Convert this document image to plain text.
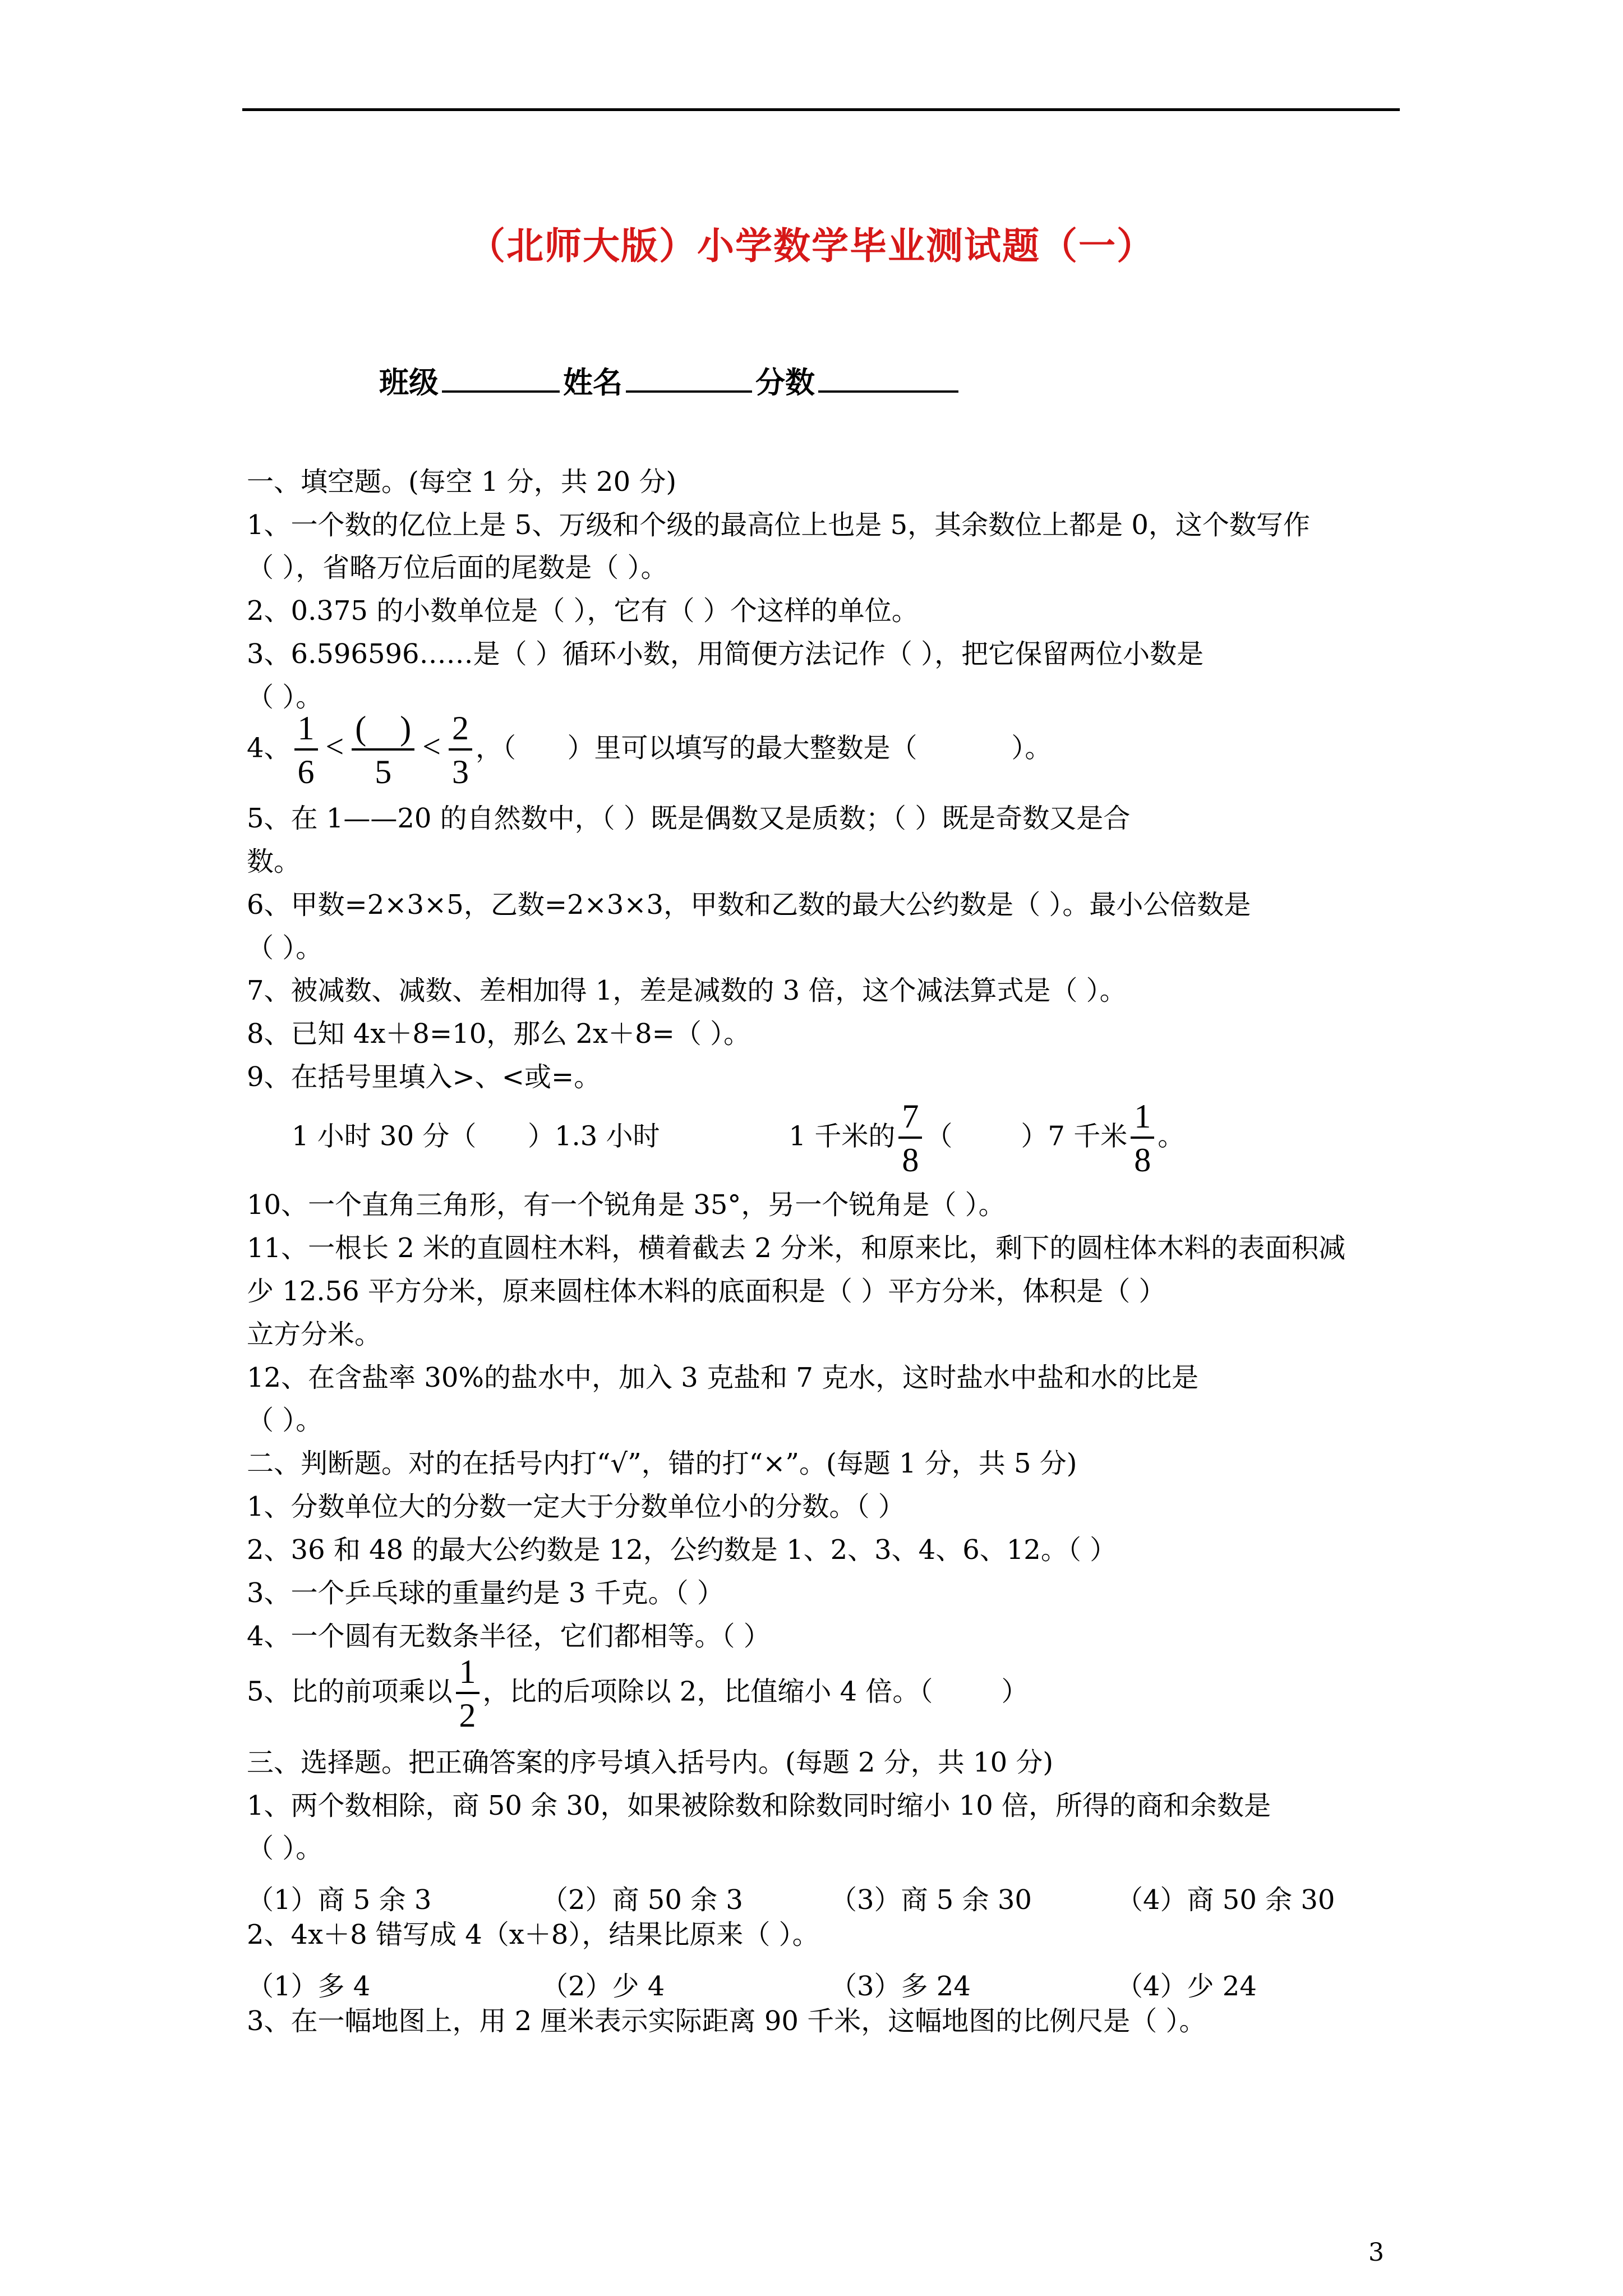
（北师大版）小学数学毕业测试题（一）
班级	姓名	分数
一、填空题。(每空 1 分，共 20 分)
1、一个数的亿位上是 5、万级和个级的最高位上也是 5，其余数位上都是 0，这个数写作
（ ），省略万位后面的尾数是（ ）。
2、0.375 的小数单位是（ ），它有（ ）个这样的单位。
3、6.596596……是（ ）循环小数，用简便方法记作（ ），把它保留两位小数是
（ ）。
4、 $\frac{1}{6} < \frac{( )}{5} < \frac{2}{3}$ ，（      ）里可以填写的最大整数是（           ）。
5、在 1——20 的自然数中，（ ）既是偶数又是质数；（ ）既是奇数又是合
数。
6、甲数=2×3×5，乙数=2×3×3，甲数和乙数的最大公约数是（ ）。最小公倍数是
（ ）。
7、被减数、减数、差相加得 1，差是减数的 3 倍，这个减法算式是（ ）。
8、已知 4x＋8=10，那么 2x＋8=（ ）。
9、在括号里填入>、<或=。
1 小时 30 分（      ）1.3 小时	1 千米的 $\frac{7}{8}$ （        ）7 千米 $\frac{1}{8}$ 。
10、一个直角三角形，有一个锐角是 35°，另一个锐角是（ ）。
11、一根长 2 米的直圆柱木料，横着截去 2 分米，和原来比，剩下的圆柱体木料的表面积减
少 12.56 平方分米，原来圆柱体木料的底面积是（ ）平方分米，体积是（ ）
立方分米。
12、在含盐率 30%的盐水中，加入 3 克盐和 7 克水，这时盐水中盐和水的比是
（ ）。
二、判断题。对的在括号内打“√”，错的打“×”。(每题 1 分，共 5 分)
1、分数单位大的分数一定大于分数单位小的分数。（ ）
2、36 和 48 的最大公约数是 12，公约数是 1、2、3、4、6、12。（ ）
3、一个乒乓球的重量约是 3 千克。（ ）
4、一个圆有无数条半径，它们都相等。（ ）
5、比的前项乘以 $\frac{1}{2}$ ，比的后项除以 2，比值缩小 4 倍。（        ）
三、选择题。把正确答案的序号填入括号内。(每题 2 分，共 10 分)
1、两个数相除，商 50 余 30，如果被除数和除数同时缩小 10 倍，所得的商和余数是
（ ）。
（1）商 5 余 3	（2）商 50 余 3	（3）商 5 余 30	（4）商 50 余 30
2、4x＋8 错写成 4（x＋8），结果比原来（ ）。
（1）多 4	（2）少 4	（3）多 24	（4）少 24
3、在一幅地图上，用 2 厘米表示实际距离 90 千米，这幅地图的比例尺是（ ）。
3
